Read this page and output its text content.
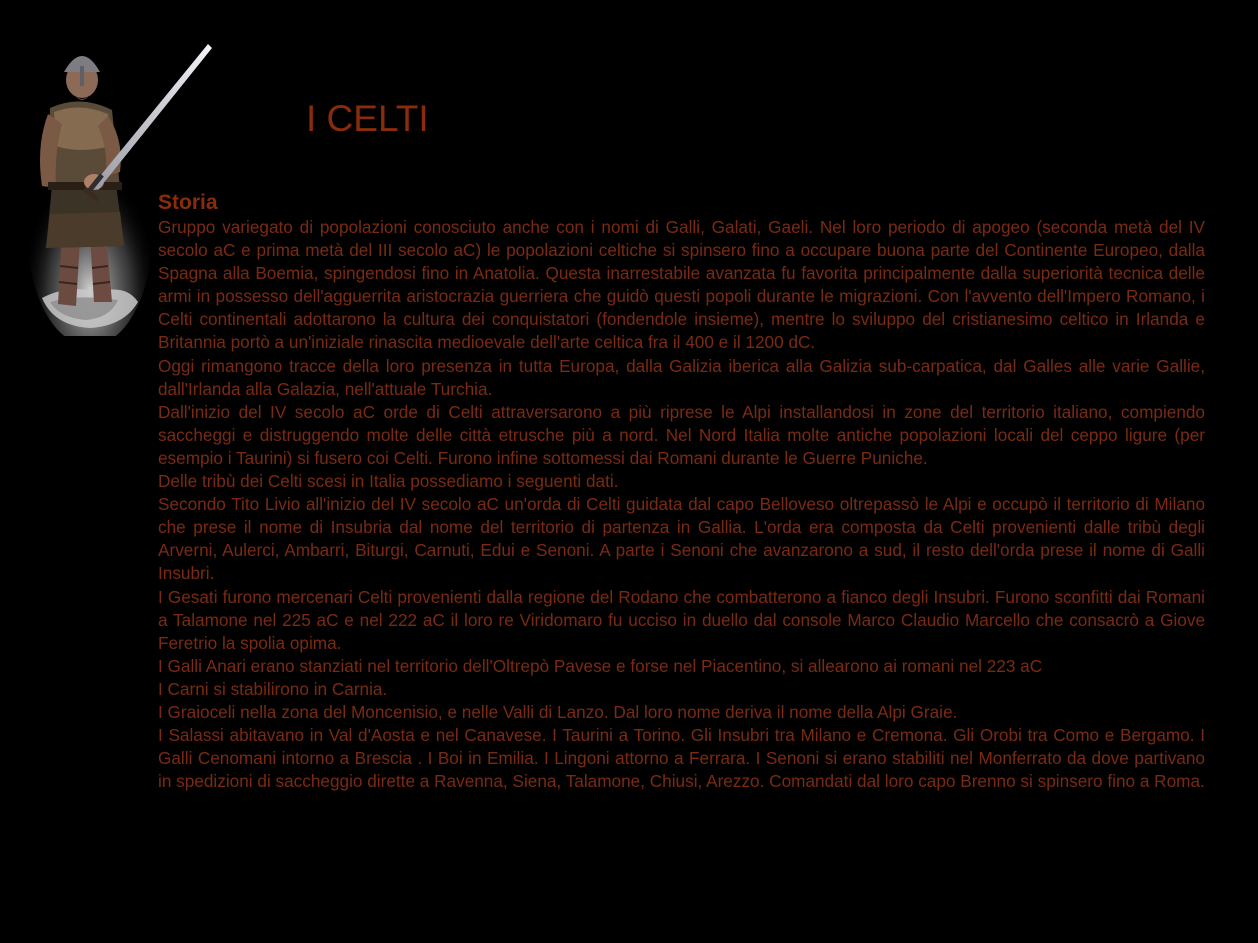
I CELTI
Storia

Gruppo variegato di popolazioni conosciuto anche con i nomi di Galli, Galati, Gaeli. Nel loro periodo di apogeo (seconda metà del IV secolo aC e prima metà del III secolo aC) le popolazioni celtiche si spinsero fino a occupare buona parte del Continente Europeo, dalla Spagna alla Boemia, spingendosi fino in Anatolia. Questa inarrestabile avanzata fu favorita principalmente dalla superiorità tecnica delle armi in possesso dell'agguerrita aristocrazia guerriera che guidò questi popoli durante le migrazioni. Con l'avvento dell'Impero Romano, i Celti continentali adottarono la cultura dei conquistatori (fondendole insieme), mentre lo sviluppo del cristianesimo celtico in Irlanda e Britannia portò a un'iniziale rinascita medioevale dell'arte celtica fra il 400 e il 1200 dC.

Oggi rimangono tracce della loro presenza in tutta Europa, dalla Galizia iberica alla Galizia sub-carpatica, dal Galles alle varie Gallie, dall'Irlanda alla Galazia, nell'attuale Turchia.

Dall'inizio del IV secolo aC orde di Celti attraversarono a più riprese le Alpi installandosi in zone del territorio italiano, compiendo saccheggi e distruggendo molte delle città etrusche più a nord. Nel Nord Italia molte antiche popolazioni locali del ceppo ligure (per esempio i Taurini) si fusero coi Celti. Furono infine sottomessi dai Romani durante le Guerre Puniche.

Delle tribù dei Celti scesi in Italia possediamo i seguenti dati.

Secondo Tito Livio all'inizio del IV secolo aC un'orda di Celti guidata dal capo Belloveso oltrepassò le Alpi e occupò il territorio di Milano che prese il nome di Insubria dal nome del territorio di partenza in Gallia. L'orda era composta da Celti provenienti dalle tribù degli Arverni, Aulerci, Ambarri, Biturgi, Carnuti, Edui e Senoni. A parte i Senoni che avanzarono a sud, il resto dell'orda prese il nome di Galli Insubri.

I Gesati furono mercenari Celti provenienti dalla regione del Rodano che combatterono a fianco degli Insubri. Furono sconfitti dai Romani a Talamone nel 225 aC e nel 222 aC il loro re Viridomaro fu ucciso in duello dal console Marco Claudio Marcello che consacrò a Giove Feretrio la spolia opima.

I Galli Anari erano stanziati nel territorio dell'Oltrepò Pavese e forse nel Piacentino, si allearono ai romani nel 223 aC

I Carni si stabilirono in Carnia.

I Graioceli nella zona del Moncenisio, e nelle Valli di Lanzo. Dal loro nome deriva il nome della Alpi Graie.

I Salassi abitavano in Val d'Aosta e nel Canavese. I Taurini a Torino. Gli Insubri tra Milano e Cremona. Gli Orobi tra Como e Bergamo. I Galli Cenomani intorno a Brescia . I Boi in Emilia. I Lingoni attorno a Ferrara. I Senoni si erano stabiliti nel Monferrato da dove partivano in spedizioni di saccheggio dirette a Ravenna, Siena, Talamone, Chiusi, Arezzo. Comandati dal loro capo Brenno si spinsero fino a Roma.
